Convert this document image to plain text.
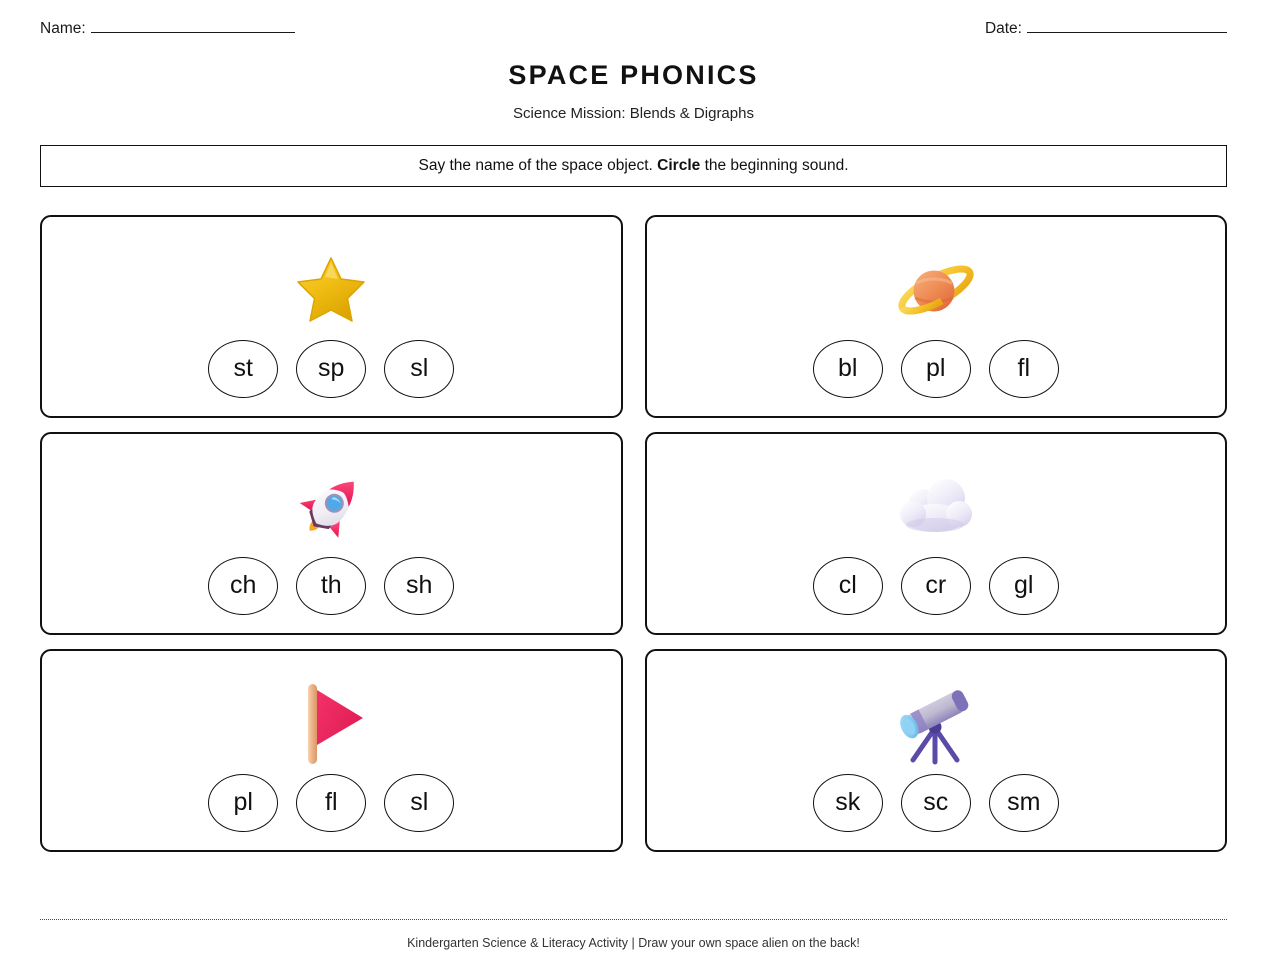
Name:	Date:
SPACE PHONICS
Science Mission: Blends & Digraphs
Say the name of the space object. Circle the beginning sound.
st	sp	sl	bl	pl	fl
ch	th	sh	cl	cr	gl
pl	fl	sl	sk	sc	sm
Kindergarten Science & Literacy Activity | Draw your own space alien on the back!
